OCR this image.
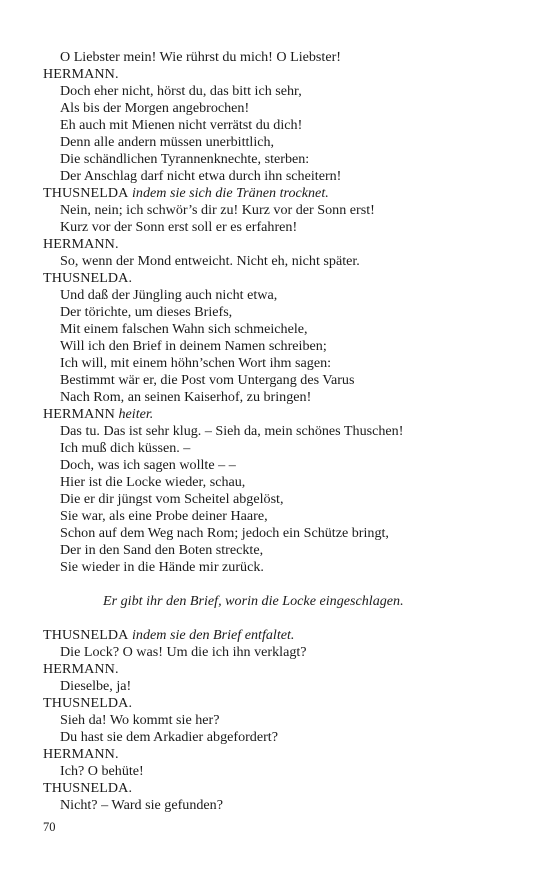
O Liebster mein! Wie rührst du mich! O Liebster!
HERMANN.
Doch eher nicht, hörst du, das bitt ich sehr,
Als bis der Morgen angebrochen!
Eh auch mit Mienen nicht verrätst du dich!
Denn alle andern müssen unerbittlich,
Die schändlichen Tyrannenknechte, sterben:
Der Anschlag darf nicht etwa durch ihn scheitern!
THUSNELDA indem sie sich die Tränen trocknet.
Nein, nein; ich schwör’s dir zu! Kurz vor der Sonn erst!
Kurz vor der Sonn erst soll er es erfahren!
HERMANN.
So, wenn der Mond entweicht. Nicht eh, nicht später.
THUSNELDA.
Und daß der Jüngling auch nicht etwa,
Der törichte, um dieses Briefs,
Mit einem falschen Wahn sich schmeichele,
Will ich den Brief in deinem Namen schreiben;
Ich will, mit einem höhn’schen Wort ihm sagen:
Bestimmt wär er, die Post vom Untergang des Varus
Nach Rom, an seinen Kaiserhof, zu bringen!
HERMANN heiter.
Das tu. Das ist sehr klug. – Sieh da, mein schönes Thuschen!
Ich muß dich küssen. –
Doch, was ich sagen wollte – –
Hier ist die Locke wieder, schau,
Die er dir jüngst vom Scheitel abgelöst,
Sie war, als eine Probe deiner Haare,
Schon auf dem Weg nach Rom; jedoch ein Schütze bringt,
Der in den Sand den Boten streckte,
Sie wieder in die Hände mir zurück.
Er gibt ihr den Brief, worin die Locke eingeschlagen.
THUSNELDA indem sie den Brief entfaltet.
Die Lock? O was! Um die ich ihn verklagt?
HERMANN.
Dieselbe, ja!
THUSNELDA.
Sieh da! Wo kommt sie her?
Du hast sie dem Arkadier abgefordert?
HERMANN.
Ich? O behüte!
THUSNELDA.
Nicht? – Ward sie gefunden?
70
